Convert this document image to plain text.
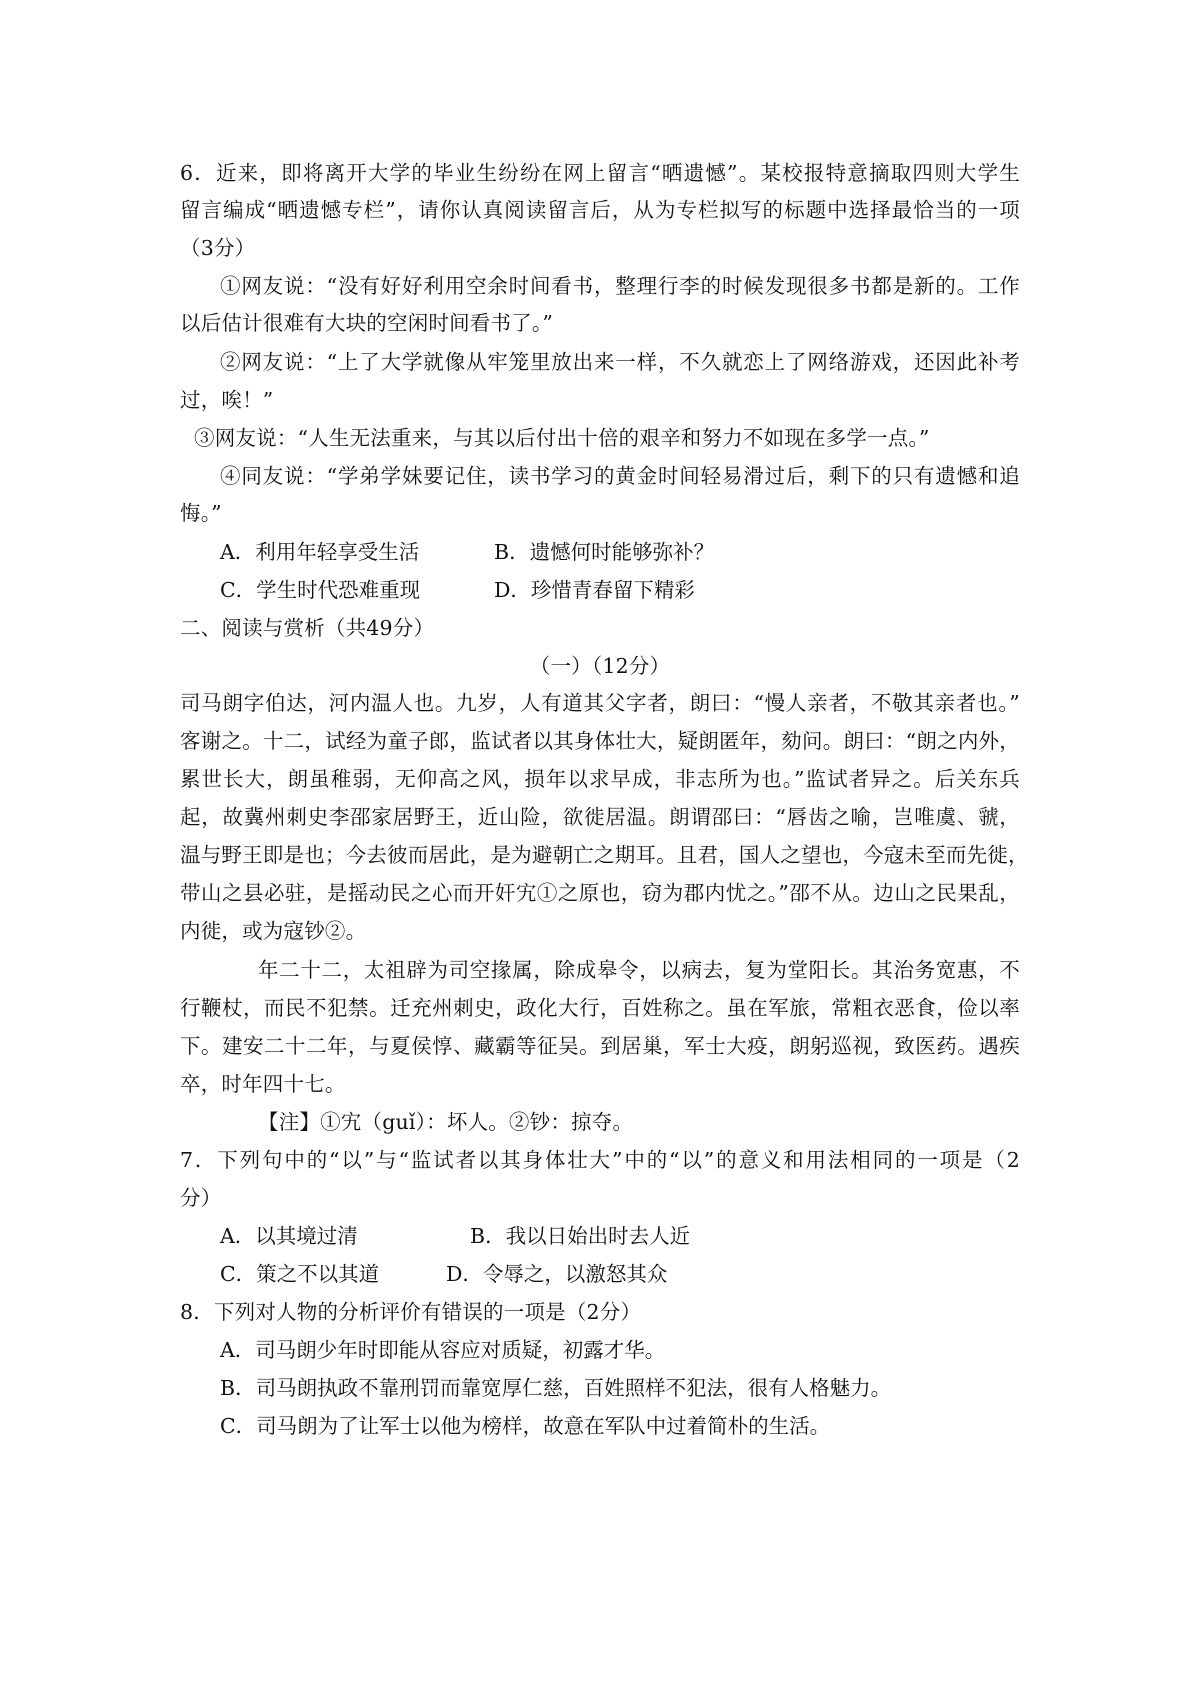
6．近来，即将离开大学的毕业生纷纷在网上留言“晒遗憾”。某校报特意摘取四则大学生
留言编成“晒遗憾专栏”，请你认真阅读留言后，从为专栏拟写的标题中选择最恰当的一项
（3分）
①网友说：“没有好好利用空余时间看书，整理行李的时候发现很多书都是新的。工作
以后估计很难有大块的空闲时间看书了。”
②网友说：“上了大学就像从牢笼里放出来一样，不久就恋上了网络游戏，还因此补考
过，唉！”
③网友说：“人生无法重来，与其以后付出十倍的艰辛和努力不如现在多学一点。”
④同友说：“学弟学妹要记住，读书学习的黄金时间轻易滑过后，剩下的只有遗憾和追
悔。”
A．利用年轻享受生活	B．遗憾何时能够弥补？
C．学生时代恐难重现	D．珍惜青春留下精彩
二、阅读与赏析（共49分）
（一）（12分）
司马朗字伯达，河内温人也。九岁，人有道其父字者，朗曰：“慢人亲者，不敬其亲者也。”
客谢之。十二，试经为童子郎，监试者以其身体壮大，疑朗匿年，劾问。朗曰：“朗之内外，
累世长大，朗虽稚弱，无仰高之风，损年以求早成，非志所为也。”监试者异之。后关东兵
起，故冀州刺史李邵家居野王，近山险，欲徙居温。朗谓邵曰：“唇齿之喻，岂唯虞、虢，
温与野王即是也；今去彼而居此，是为避朝亡之期耳。且君，国人之望也，今寇未至而先徙，
带山之县必驻，是摇动民之心而开奸宄①之原也，窃为郡内忧之。”邵不从。边山之民果乱，
内徙，或为寇钞②。
年二十二，太祖辟为司空掾属，除成皋令，以病去，复为堂阳长。其治务宽惠，不
行鞭杖，而民不犯禁。迁充州刺史，政化大行，百姓称之。虽在军旅，常粗衣恶食，俭以率
下。建安二十二年，与夏侯惇、藏霸等征吴。到居巢，军士大疫，朗躬巡视，致医药。遇疾
卒，时年四十七。
【注】①宄（guǐ）：坏人。②钞：掠夺。
7．下列句中的“以”与“监试者以其身体壮大”中的“以”的意义和用法相同的一项是（2
分）
A．以其境过清	B．我以日始出时去人近
C．策之不以其道	D．令辱之，以激怒其众
8．下列对人物的分析评价有错误的一项是（2分）
A．司马朗少年时即能从容应对质疑，初露才华。
B．司马朗执政不靠刑罚而靠宽厚仁慈，百姓照样不犯法，很有人格魅力。
C．司马朗为了让军士以他为榜样，故意在军队中过着简朴的生活。
